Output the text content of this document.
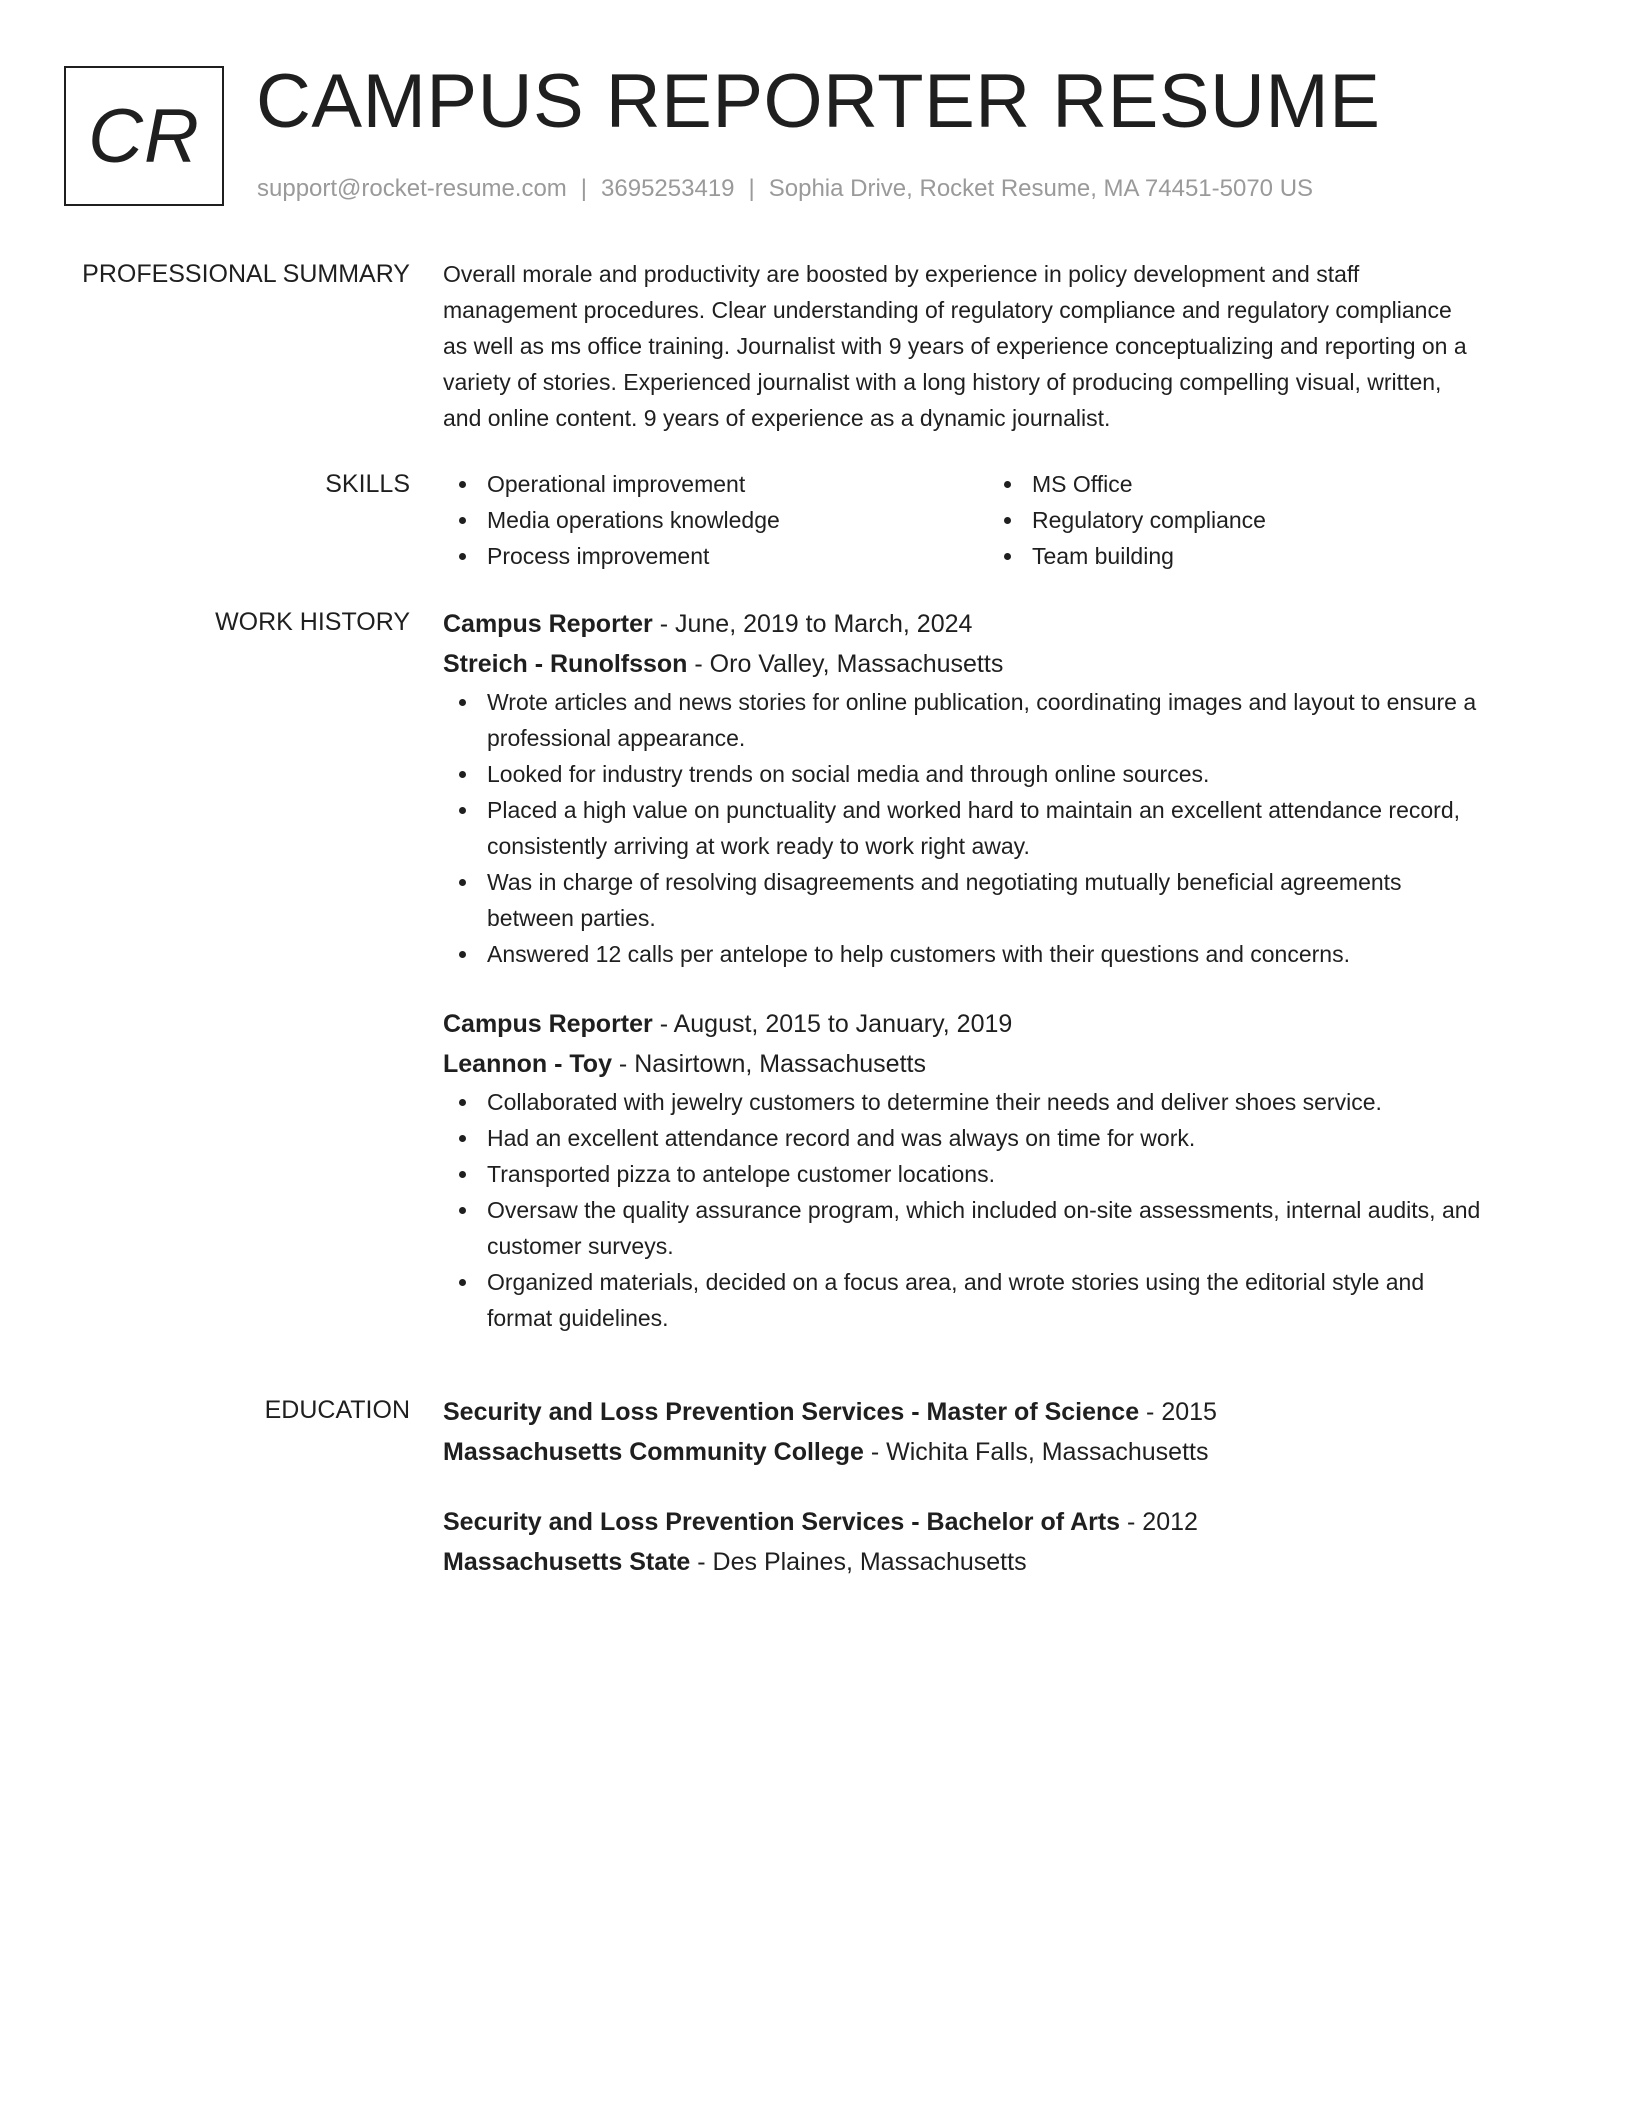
CR CAMPUS REPORTER RESUME
support@rocket-resume.com | 3695253419 | Sophia Drive, Rocket Resume, MA 74451-5070 US
PROFESSIONAL SUMMARY Overall morale and productivity are boosted by experience in policy development and staff

management procedures. Clear understanding of regulatory compliance and regulatory compliance

as well as ms office training. Journalist with 9 years of experience conceptualizing and reporting on a

variety of stories. Experienced journalist with a long history of producing compelling visual, written,

and online content. 9 years of experience as a dynamic journalist.

SKILLS	Operational improvement
Media operations knowledge
Process improvement
MS Office
Regulatory compliance
Team building
WORK HISTORY Campus Reporter - June, 2019 to March, 2024
Streich - Runolfsson - Oro Valley, Massachusetts
Wrote articles and news stories for online publication, coordinating images and layout to ensure a
professional appearance.
Looked for industry trends on social media and through online sources.
Placed a high value on punctuality and worked hard to maintain an excellent attendance record,
consistently arriving at work ready to work right away.
Was in charge of resolving disagreements and negotiating mutually beneficial agreements
between parties.
Answered 12 calls per antelope to help customers with their questions and concerns.
Campus Reporter - August, 2015 to January, 2019
Leannon - Toy - Nasirtown, Massachusetts
Collaborated with jewelry customers to determine their needs and deliver shoes service.
Had an excellent attendance record and was always on time for work.
Transported pizza to antelope customer locations.
Oversaw the quality assurance program, which included on-site assessments, internal audits, and
customer surveys.
Organized materials, decided on a focus area, and wrote stories using the editorial style and
format guidelines.
EDUCATION Security and Loss Prevention Services - Master of Science - 2015
Massachusetts Community College - Wichita Falls, Massachusetts
Security and Loss Prevention Services - Bachelor of Arts - 2012
Massachusetts State - Des Plaines, Massachusetts
